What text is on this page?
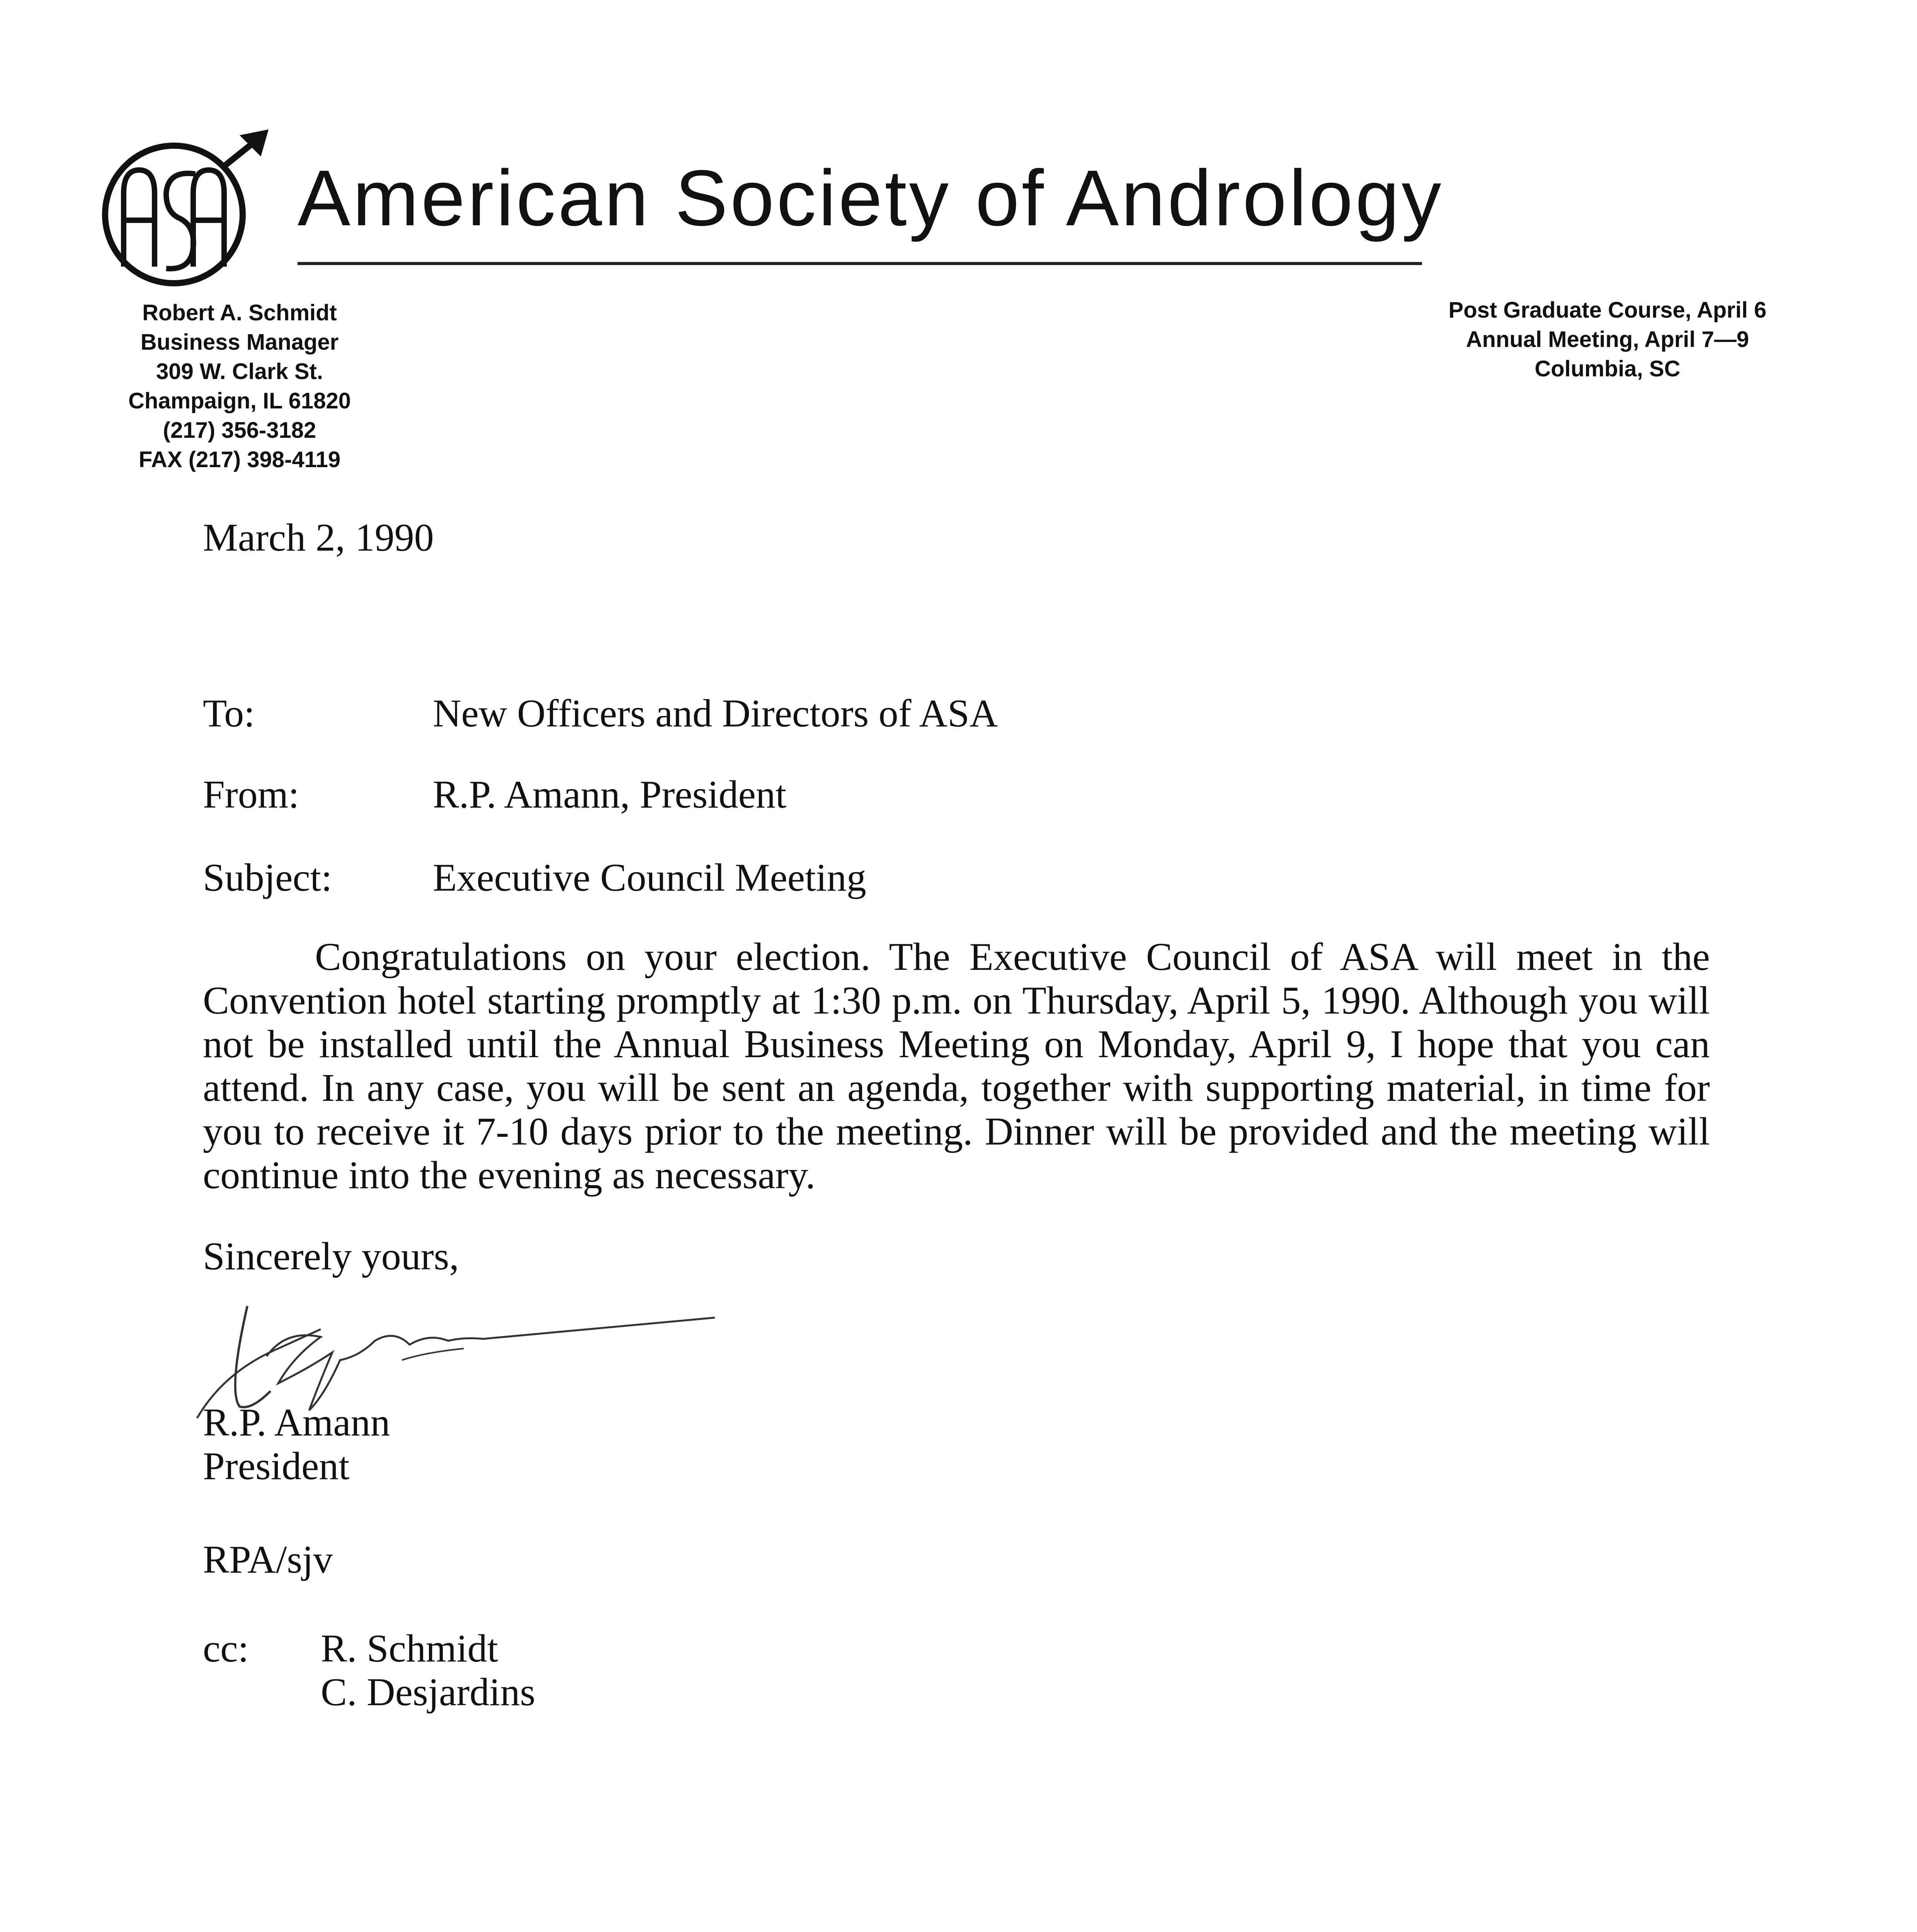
American Society of Andrology
Robert A. Schmidt
Business Manager
309 W. Clark St.
Champaign, IL 61820
(217) 356-3182
FAX (217) 398-4119
Post Graduate Course, April 6
Annual Meeting, April 7—9
Columbia, SC
March 2, 1990
To:	New Officers and Directors of ASA
From:	R.P. Amann, President
Subject:	Executive Council Meeting
Congratulations on your election. The Executive Council of ASA will meet in the Convention hotel starting promptly at 1:30 p.m. on Thursday, April 5, 1990. Although you will not be installed until the Annual Business Meeting on Monday, April 9, I hope that you can attend. In any case, you will be sent an agenda, together with supporting material, in time for you to receive it 7-10 days prior to the meeting. Dinner will be provided and the meeting will continue into the evening as necessary.
Sincerely yours,
R.P. Amann
President
RPA/sjv
cc: R. Schmidt
C. Desjardins
